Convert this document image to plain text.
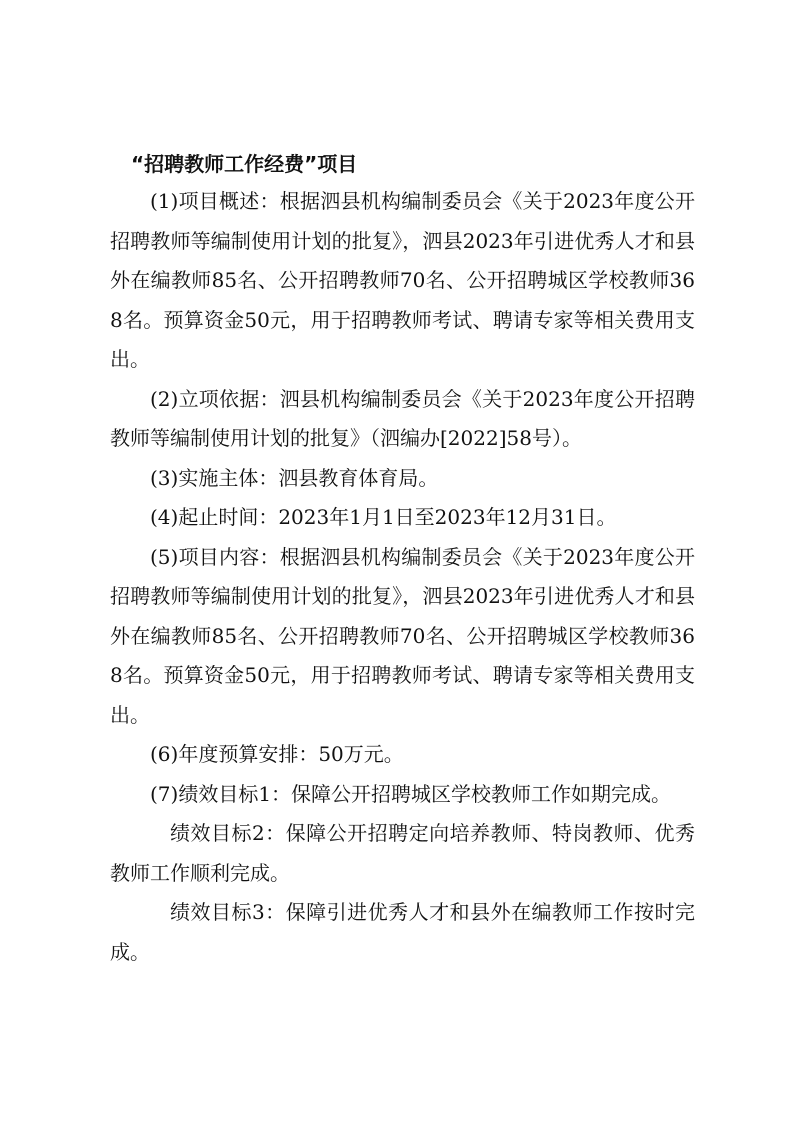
“招聘教师工作经费”项目

(1)项目概述：根据泗县机构编制委员会《关于2023年度公开招聘教师等编制使用计划的批复》，泗县2023年引进优秀人才和县外在编教师85名、公开招聘教师70名、公开招聘城区学校教师368名。预算资金50元，用于招聘教师考试、聘请专家等相关费用支出。

(2)立项依据：泗县机构编制委员会《关于2023年度公开招聘教师等编制使用计划的批复》（泗编办[2022]58号）。

(3)实施主体：泗县教育体育局。

(4)起止时间：2023年1月1日至2023年12月31日。

(5)项目内容：根据泗县机构编制委员会《关于2023年度公开招聘教师等编制使用计划的批复》，泗县2023年引进优秀人才和县外在编教师85名、公开招聘教师70名、公开招聘城区学校教师368名。预算资金50元，用于招聘教师考试、聘请专家等相关费用支出。

(6)年度预算安排：50万元。

(7)绩效目标1：保障公开招聘城区学校教师工作如期完成。

绩效目标2：保障公开招聘定向培养教师、特岗教师、优秀教师工作顺利完成。

绩效目标3：保障引进优秀人才和县外在编教师工作按时完成。
